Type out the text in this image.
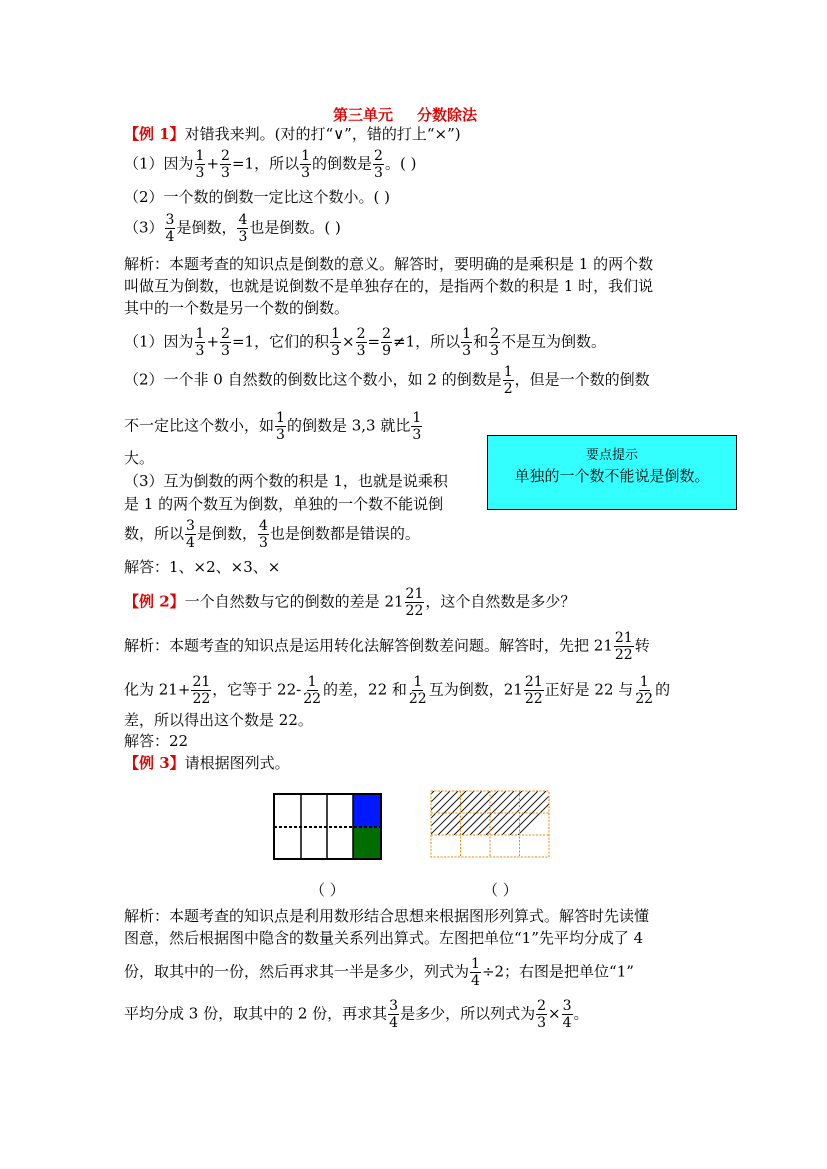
第三单元 分数除法
【例 1】对错我来判。(对的打“∨”，错的打上“×”)
（1）因为 $\frac{1}{3} + \frac{2}{3} =1$，所以 $\frac{1}{3}$ 的倒数是 $\frac{2}{3}$ 。( )
（2）一个数的倒数一定比这个数小。( )
$(3) \frac{3}{4}$ 是倒数， $\frac{4}{3}$ 也是倒数。( )
解析：本题考查的知识点是倒数的意义。解答时，要明确的是乘积是 1 的两个数
叫做互为倒数，也就是说倒数不是单独存在的，是指两个数的积是 1 时，我们说
其中的一个数是另一个数的倒数。
（1）因为 $\frac{1}{3} + \frac{2}{3} =1$，它们的积 $\frac{1}{3} \times \frac{2}{3} = \frac{2}{9} \ne 1$，所以 $\frac{1}{3}$ 和 $\frac{2}{3}$ 不是互为倒数。
（2）一个非 0 自然数的倒数比这个数小，如 2 的倒数是 $\frac{1}{2}$ ，但是一个数的倒数
不一定比这个数小，如 $\frac{1}{3}$ 的倒数是 3,3 就比 $\frac{1}{3}$
大。
（3）互为倒数的两个数的积是 1，也就是说乘积
是 1 的两个数互为倒数，单独的一个数不能说倒
数，所以 $\frac{3}{4}$ 是倒数， $\frac{4}{3}$ 也是倒数都是错误的。
解答：1、×2、×3、×
要点提示
单独的一个数不能说是倒数。
【例 2】一个自然数与它的倒数的差是 $21 \frac{21}{22}$ ，这个自然数是多少？
解析：本题考查的知识点是运用转化法解答倒数差问题。解答时，先把 $21 \frac{21}{22}$ 转
化为 $21+ \frac{21}{22}$ ，它等于 $22- \frac{1}{22}$ 的差，22 和 $\frac{1}{22}$ 互为倒数，$21 \frac{21}{22}$ 正好是 22 与 $\frac{1}{22}$ 的
差，所以得出这个数是 22。
解答：22
【例 3】请根据图列式。
（ ）	（ ）
解析：本题考查的知识点是利用数形结合思想来根据图形列算式。解答时先读懂
图意，然后根据图中隐含的数量关系列出算式。左图把单位“1”先平均分成了 4
份，取其中的一份，然后再求其一半是多少，列式为 $\frac{1}{4} \div 2$；右图是把单位“1”
平均分成 3 份，取其中的 2 份，再求其 $\frac{3}{4}$ 是多少，所以列式为 $\frac{2}{3} \times \frac{3}{4}$ 。
